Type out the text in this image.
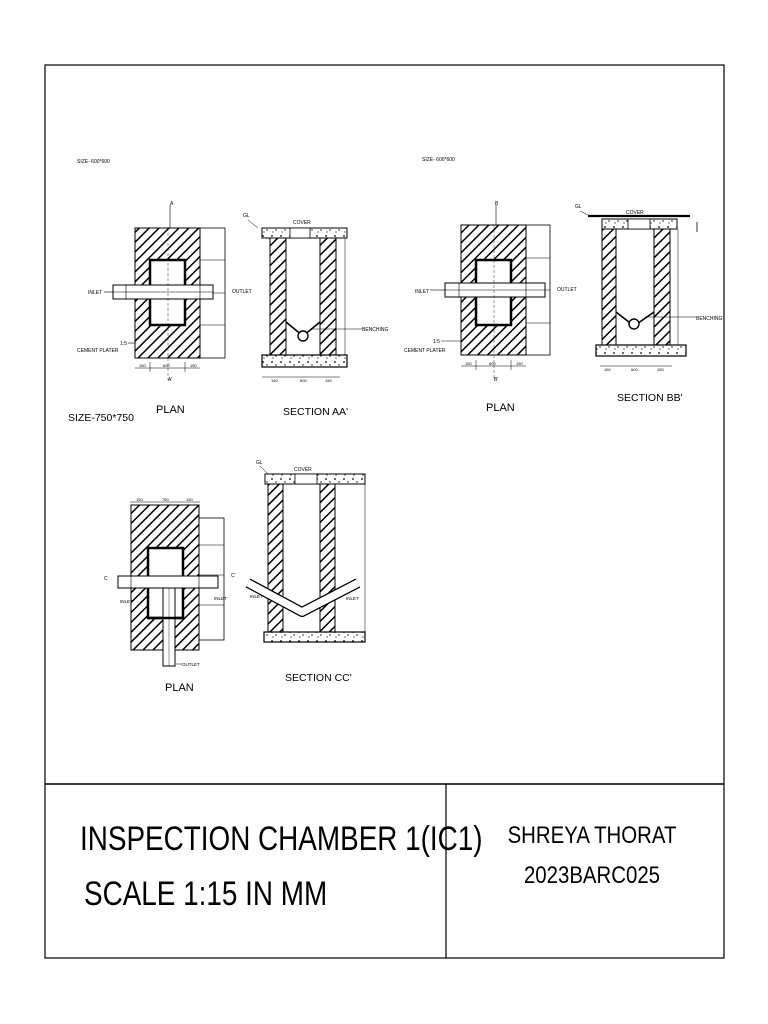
SIZE- 600*600	SIZE- 600*600
A
INLET	OUTLET
1:5
CEMENT PLATER
150	600	150
A'
PLAN
SIZE-750*750
GL
COVER
BENCHING
150	600	150
SECTION AA'
B
INLET	OUTLET
1:5
CEMENT PLATER
150	600	150
B'
PLAN
GL
COVER
BENCHING
150	600	150
SECTION BB'
150	750	150
C	C'
INLET
INLET
OUTLET
PLAN
GL
COVER
INLET	INLET
SECTION CC'
INSPECTION CHAMBER 1(IC1)
SCALE 1:15 IN MM
SHREYA THORAT
2023BARC025
